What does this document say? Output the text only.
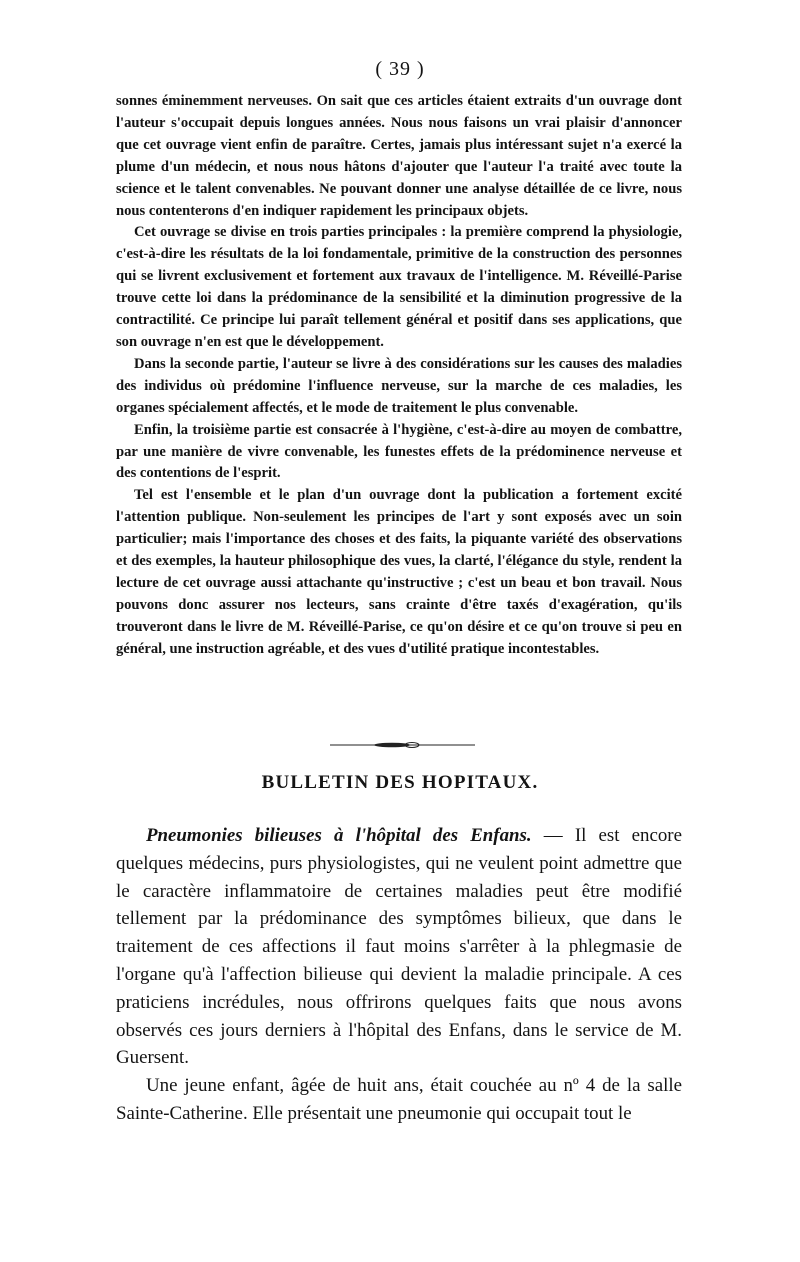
( 39 )

sonnes éminemment nerveuses. On sait que ces articles étaient extraits d'un ouvrage dont l'auteur s'occupait depuis longues années. Nous nous faisons un vrai plaisir d'annoncer que cet ouvrage vient enfin de paraître. Certes, jamais plus intéressant sujet n'a exercé la plume d'un médecin, et nous nous hâtons d'ajouter que l'auteur l'a traité avec toute la science et le talent convenables. Ne pouvant donner une analyse détaillée de ce livre, nous nous contenterons d'en indiquer rapidement les principaux objets.

Cet ouvrage se divise en trois parties principales : la première comprend la physiologie, c'est-à-dire les résultats de la loi fondamentale, primitive de la construction des personnes qui se livrent exclusivement et fortement aux travaux de l'intelligence. M. Réveillé-Parise trouve cette loi dans la prédominance de la sensibilité et la diminution progressive de la contractilité. Ce principe lui paraît tellement général et positif dans ses applications, que son ouvrage n'en est que le développement.

Dans la seconde partie, l'auteur se livre à des considérations sur les causes des maladies des individus où prédomine l'influence nerveuse, sur la marche de ces maladies, les organes spécialement affectés, et le mode de traitement le plus convenable.

Enfin, la troisième partie est consacrée à l'hygiène, c'est-à-dire au moyen de combattre, par une manière de vivre convenable, les funestes effets de la prédominence nerveuse et des contentions de l'esprit.

Tel est l'ensemble et le plan d'un ouvrage dont la publication a fortement excité l'attention publique. Non-seulement les principes de l'art y sont exposés avec un soin particulier; mais l'importance des choses et des faits, la piquante variété des observations et des exemples, la hauteur philosophique des vues, la clarté, l'élégance du style, rendent la lecture de cet ouvrage aussi attachante qu'instructive ; c'est un beau et bon travail. Nous pouvons donc assurer nos lecteurs, sans crainte d'être taxés d'exagération, qu'ils trouveront dans le livre de M. Réveillé-Parise, ce qu'on désire et ce qu'on trouve si peu en général, une instruction agréable, et des vues d'utilité pratique incontestables.

BULLETIN DES HOPITAUX.

Pneumonies bilieuses à l'hôpital des Enfans. — Il est encore quelques médecins, purs physiologistes, qui ne veulent point admettre que le caractère inflammatoire de certaines maladies peut être modifié tellement par la prédominance des symptômes bilieux, que dans le traitement de ces affections il faut moins s'arrêter à la phlegmasie de l'organe qu'à l'affection bilieuse qui devient la maladie principale. A ces praticiens incrédules, nous offrirons quelques faits que nous avons observés ces jours derniers à l'hôpital des Enfans, dans le service de M. Guersent.

Une jeune enfant, âgée de huit ans, était couchée au nº 4 de la salle Sainte-Catherine. Elle présentait une pneumonie qui occupait tout le
